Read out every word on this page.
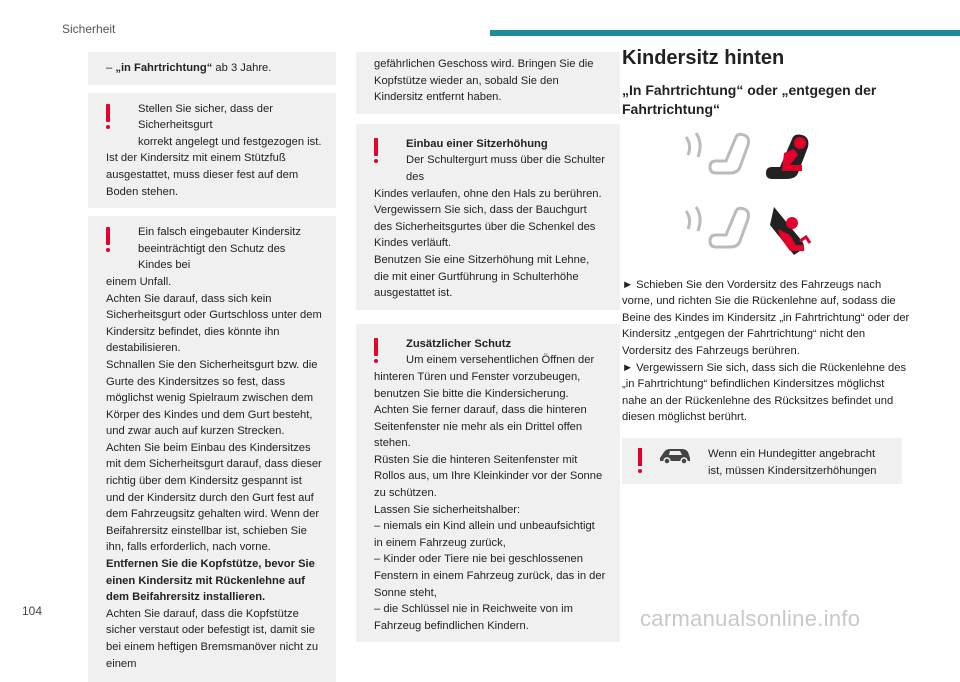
Sicherheit
– „in Fahrtrichtung“ ab 3 Jahre.

Stellen Sie sicher, dass der Sicherheitsgurt

korrekt angelegt und festgezogen ist.

Ist der Kindersitz mit einem Stützfuß ausgestattet, muss dieser fest auf dem Boden stehen.

Ein falsch eingebauter Kindersitz

beeinträchtigt den Schutz des Kindes bei

einem Unfall.

Achten Sie darauf, dass sich kein Sicherheitsgurt oder Gurtschloss unter dem Kindersitz befindet, dies könnte ihn destabilisieren.

Schnallen Sie den Sicherheitsgurt bzw. die Gurte des Kindersitzes so fest, dass möglichst wenig Spielraum zwischen dem Körper des Kindes und dem Gurt besteht, und zwar auch auf kurzen Strecken.

Achten Sie beim Einbau des Kindersitzes mit dem Sicherheitsgurt darauf, dass dieser richtig über dem Kindersitz gespannt ist und der Kindersitz durch den Gurt fest auf dem Fahrzeugsitz gehalten wird. Wenn der Beifahrersitz einstellbar ist, schieben Sie ihn, falls erforderlich, nach vorne.

Entfernen Sie die Kopfstütze, bevor Sie einen Kindersitz mit Rückenlehne auf dem Beifahrersitz installieren.

Achten Sie darauf, dass die Kopfstütze sicher verstaut oder befestigt ist, damit sie bei einem heftigen Bremsmanöver nicht zu einem

gefährlichen Geschoss wird. Bringen Sie die Kopfstütze wieder an, sobald Sie den Kindersitz entfernt haben.

Einbau einer Sitzerhöhung

Der Schultergurt muss über die Schulter des

Kindes verlaufen, ohne den Hals zu berühren.

Vergewissern Sie sich, dass der Bauchgurt des Sicherheitsgurtes über die Schenkel des Kindes verläuft.

Benutzen Sie eine Sitzerhöhung mit Lehne, die mit einer Gurtführung in Schulterhöhe ausgestattet ist.

Zusätzlicher Schutz

Um einem versehentlichen Öffnen der

hinteren Türen und Fenster vorzubeugen, benutzen Sie bitte die Kindersicherung.

Achten Sie ferner darauf, dass die hinteren Seitenfenster nie mehr als ein Drittel offen stehen.

Rüsten Sie die hinteren Seitenfenster mit Rollos aus, um Ihre Kleinkinder vor der Sonne zu schützen.

Lassen Sie sicherheitshalber:

– niemals ein Kind allein und unbeaufsichtigt in einem Fahrzeug zurück,

– Kinder oder Tiere nie bei geschlossenen Fenstern in einem Fahrzeug zurück, das in der Sonne steht,

– die Schlüssel nie in Reichweite von im Fahrzeug befindlichen Kindern.

Kindersitz hinten
„In Fahrtrichtung“ oder „entgegen der Fahrtrichtung“

► Schieben Sie den Vordersitz des Fahrzeugs nach vorne, und richten Sie die Rückenlehne auf, sodass die Beine des Kindes im Kindersitz „in Fahrtrichtung“ oder der Kindersitz „entgegen der Fahrtrichtung“ nicht den Vordersitz des Fahrzeugs berühren.

► Vergewissern Sie sich, dass sich die Rückenlehne des „in Fahrtrichtung“ befindlichen Kindersitzes möglichst nahe an der Rückenlehne des Rücksitzes befindet und diesen möglichst berührt.

Wenn ein Hundegitter angebracht ist, müssen Kindersitzerhöhungen

104	carmanualsonline.info
